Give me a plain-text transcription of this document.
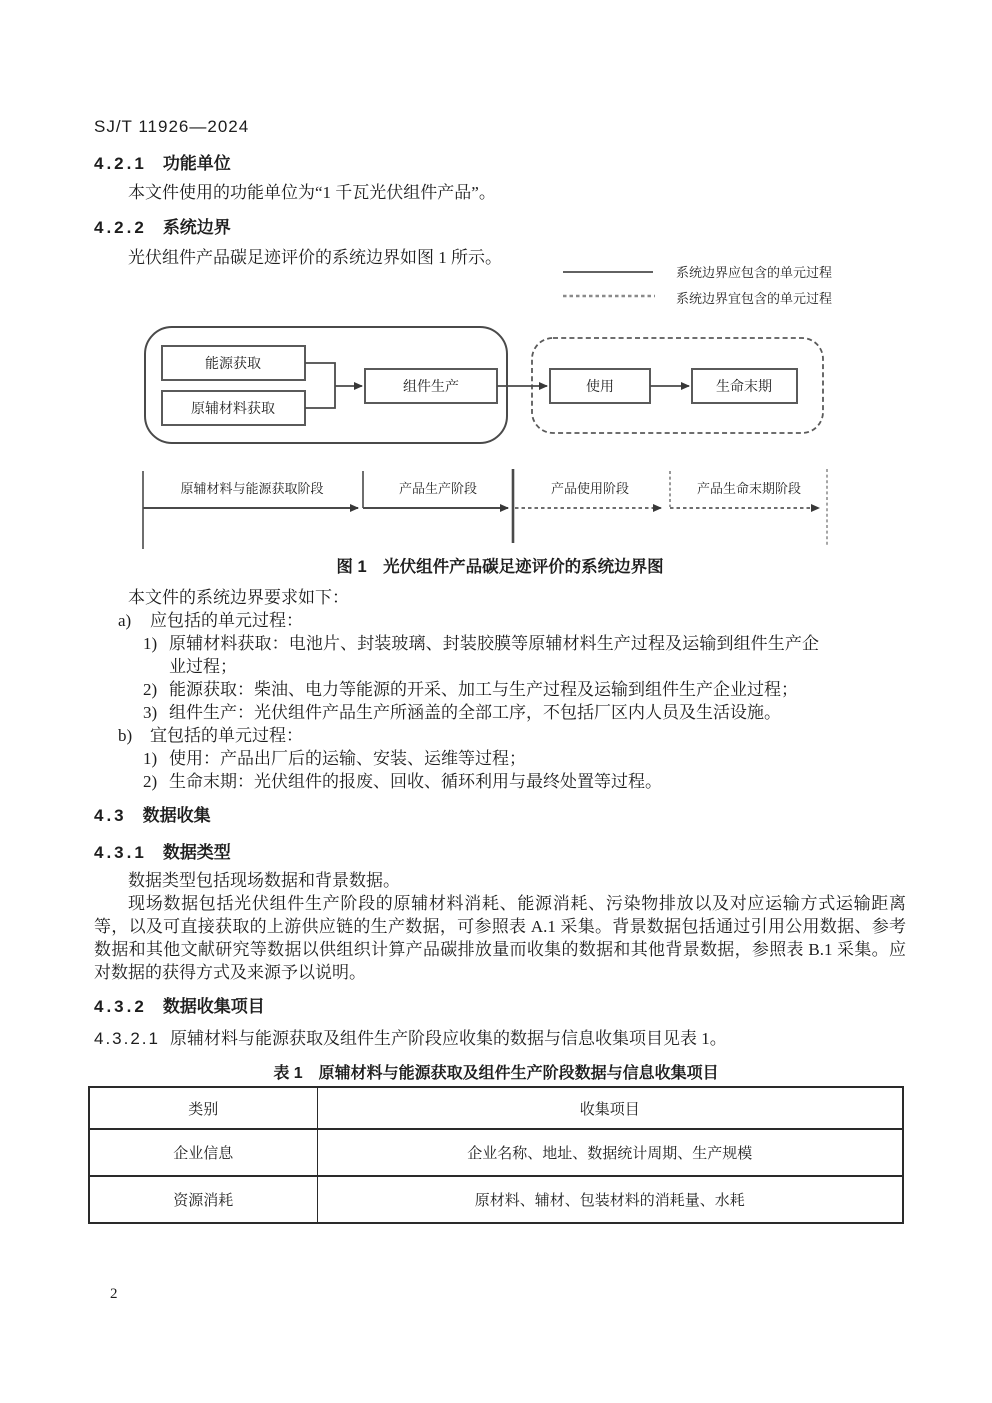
SJ/T 11926—2024
4.2.1 功能单位
本文件使用的功能单位为“1 千瓦光伏组件产品”。
4.2.2 系统边界
光伏组件产品碳足迹评价的系统边界如图 1 所示。
系统边界应包含的单元过程
系统边界宜包含的单元过程
能源获取
原辅材料获取
组件生产	使用	生命末期
原辅材料与能源获取阶段	产品生产阶段	产品使用阶段	产品生命末期阶段
图 1　光伏组件产品碳足迹评价的系统边界图
本文件的系统边界要求如下：
a)	应包括的单元过程：
1) 原辅材料获取：电池片、封装玻璃、封装胶膜等原辅材料生产过程及运输到组件生产企业过程；
2) 能源获取：柴油、电力等能源的开采、加工与生产过程及运输到组件生产企业过程；
3) 组件生产：光伏组件产品生产所涵盖的全部工序，不包括厂区内人员及生活设施。
b)	宜包括的单元过程：
1) 使用：产品出厂后的运输、安装、运维等过程；
2) 生命末期：光伏组件的报废、回收、循环利用与最终处置等过程。
4.3 数据收集
4.3.1 数据类型
数据类型包括现场数据和背景数据。
现场数据包括光伏组件生产阶段的原辅材料消耗、能源消耗、污染物排放以及对应运输方式运输距离等，以及可直接获取的上游供应链的生产数据，可参照表 A.1 采集。背景数据包括通过引用公用数据、参考数据和其他文献研究等数据以供组织计算产品碳排放量而收集的数据和其他背景数据，参照表 B.1 采集。应对数据的获得方式及来源予以说明。
4.3.2 数据收集项目
4.3.2.1 原辅材料与能源获取及组件生产阶段应收集的数据与信息收集项目见表 1。
表 1　原辅材料与能源获取及组件生产阶段数据与信息收集项目
类别	收集项目
企业信息	企业名称、地址、数据统计周期、生产规模
资源消耗	原材料、辅材、包装材料的消耗量、水耗
2
